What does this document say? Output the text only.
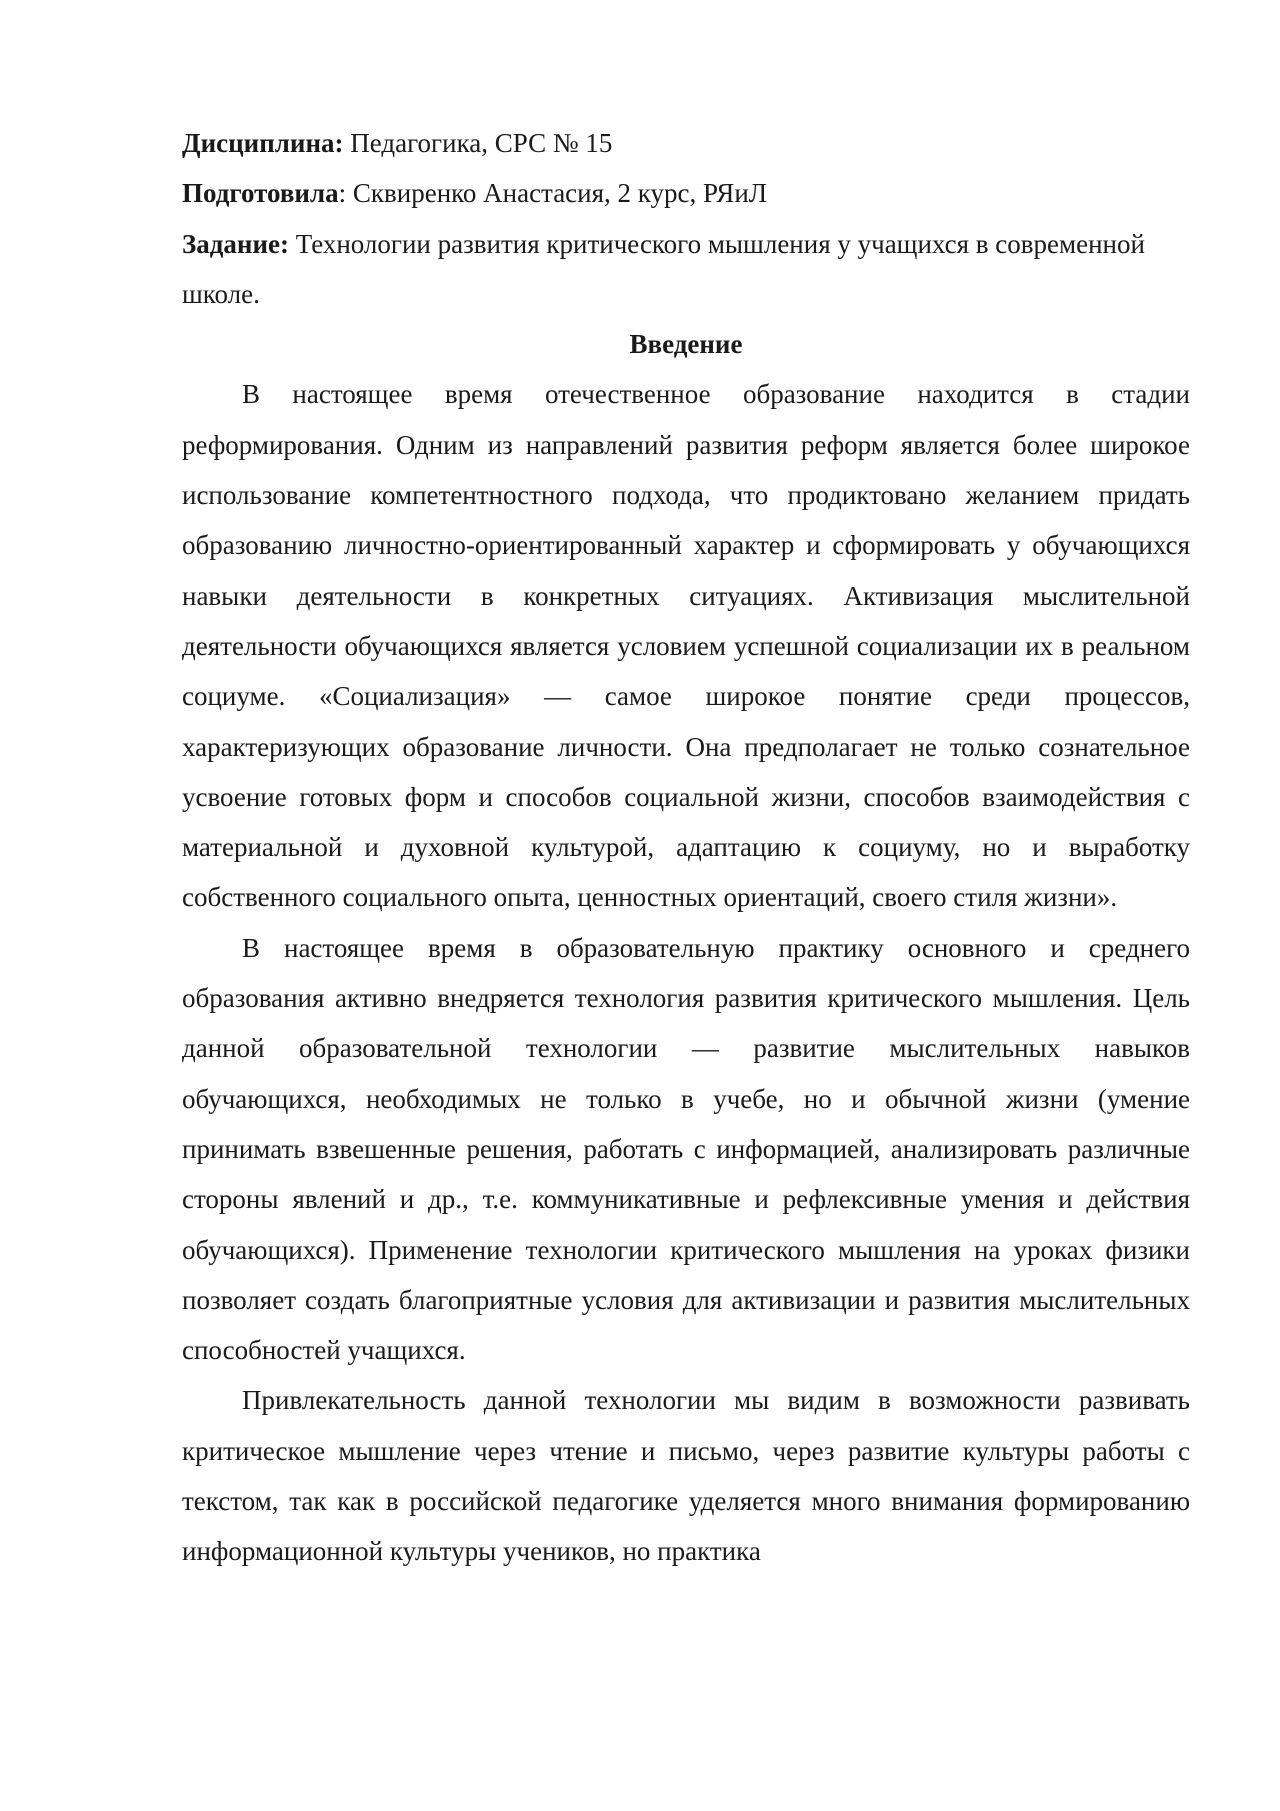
Дисциплина: Педагогика, СРС № 15

Подготовила: Сквиренко Анастасия, 2 курс, РЯиЛ

Задание: Технологии развития критического мышления у учащихся в современной школе.

Введение

В настоящее время отечественное образование находится в стадии реформирования. Одним из направлений развития реформ является более широкое использование компетентностного подхода, что продиктовано желанием придать образованию личностно-ориентированный характер и сформировать у обучающихся навыки деятельности в конкретных ситуациях. Активизация мыслительной деятельности обучающихся является условием успешной социализации их в реальном социуме. «Социализация» — самое широкое понятие среди процессов, характеризующих образование личности. Она предполагает не только сознательное усвоение готовых форм и способов социальной жизни, способов взаимодействия с материальной и духовной культурой, адаптацию к социуму, но и выработку собственного социального опыта, ценностных ориентаций, своего стиля жизни».

В настоящее время в образовательную практику основного и среднего образования активно внедряется технология развития критического мышления. Цель данной образовательной технологии — развитие мыслительных навыков обучающихся, необходимых не только в учебе, но и обычной жизни (умение принимать взвешенные решения, работать с информацией, анализировать различные стороны явлений и др., т.е. коммуникативные и рефлексивные умения и действия обучающихся). Применение технологии критического мышления на уроках физики позволяет создать благоприятные условия для активизации и развития мыслительных способностей учащихся.

Привлекательность данной технологии мы видим в возможности развивать критическое мышление через чтение и письмо, через развитие культуры работы с текстом, так как в российской педагогике уделяется много внимания формированию информационной культуры учеников, но практика
